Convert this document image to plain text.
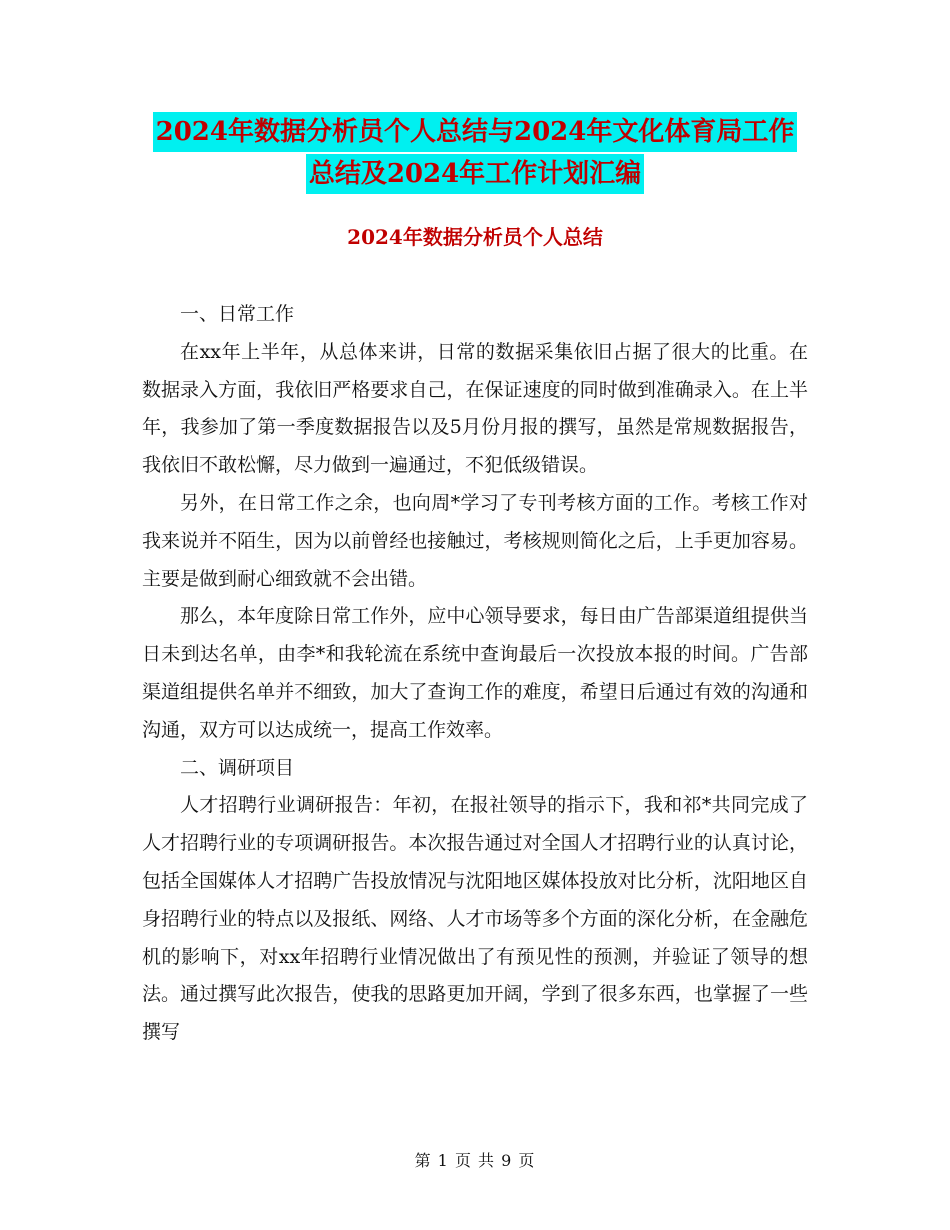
2024年数据分析员个人总结与2024年文化体育局工作
总结及2024年工作计划汇编
2024年数据分析员个人总结

一、日常工作

在xx年上半年，从总体来讲，日常的数据采集依旧占据了很大的比重。在数据录入方面，我依旧严格要求自己，在保证速度的同时做到准确录入。在上半年，我参加了第一季度数据报告以及5月份月报的撰写，虽然是常规数据报告，我依旧不敢松懈，尽力做到一遍通过，不犯低级错误。

另外，在日常工作之余，也向周*学习了专刊考核方面的工作。考核工作对我来说并不陌生，因为以前曾经也接触过，考核规则简化之后，上手更加容易。主要是做到耐心细致就不会出错。

那么，本年度除日常工作外，应中心领导要求，每日由广告部渠道组提供当日未到达名单，由李*和我轮流在系统中查询最后一次投放本报的时间。广告部渠道组提供名单并不细致，加大了查询工作的难度，希望日后通过有效的沟通和沟通，双方可以达成统一，提高工作效率。

二、调研项目

人才招聘行业调研报告：年初，在报社领导的指示下，我和祁*共同完成了人才招聘行业的专项调研报告。本次报告通过对全国人才招聘行业的认真讨论，包括全国媒体人才招聘广告投放情况与沈阳地区媒体投放对比分析，沈阳地区自身招聘行业的特点以及报纸、网络、人才市场等多个方面的深化分析，在金融危机的影响下，对xx年招聘行业情况做出了有预见性的预测，并验证了领导的想法。通过撰写此次报告，使我的思路更加开阔，学到了很多东西，也掌握了一些撰写

第 1 页 共 9 页
